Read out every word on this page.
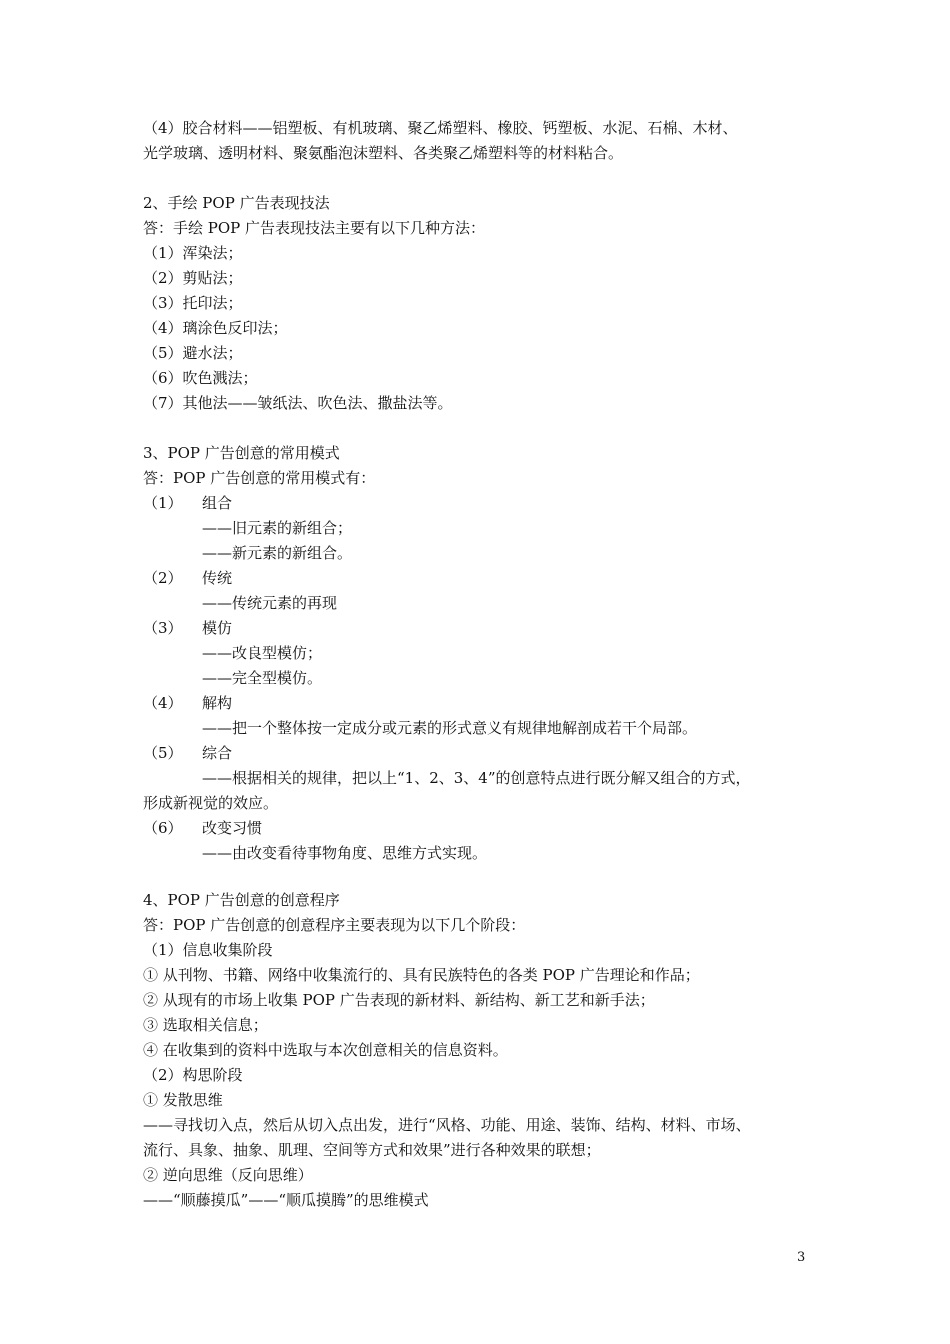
（4）胶合材料——铝塑板、有机玻璃、聚乙烯塑料、橡胶、钙塑板、水泥、石棉、木材、
光学玻璃、透明材料、聚氨酯泡沫塑料、各类聚乙烯塑料等的材料粘合。
2、手绘 POP 广告表现技法
答：手绘 POP 广告表现技法主要有以下几种方法：
（1）浑染法；
（2）剪贴法；
（3）托印法；
（4）璃涂色反印法；
（5）避水法；
（6）吹色溅法；
（7）其他法——皱纸法、吹色法、撒盐法等。
3、POP 广告创意的常用模式
答：POP 广告创意的常用模式有：
（1） 组合
——旧元素的新组合；
——新元素的新组合。
（2） 传统
——传统元素的再现
（3） 模仿
——改良型模仿；
——完全型模仿。
（4） 解构
——把一个整体按一定成分或元素的形式意义有规律地解剖成若干个局部。
（5） 综合
——根据相关的规律，把以上“1、2、3、4”的创意特点进行既分解又组合的方式，
形成新视觉的效应。
（6） 改变习惯
——由改变看待事物角度、思维方式实现。
4、POP 广告创意的创意程序
答：POP 广告创意的创意程序主要表现为以下几个阶段：
（1）信息收集阶段
① 从刊物、书籍、网络中收集流行的、具有民族特色的各类 POP 广告理论和作品；
② 从现有的市场上收集 POP 广告表现的新材料、新结构、新工艺和新手法；
③ 选取相关信息；
④ 在收集到的资料中选取与本次创意相关的信息资料。
（2）构思阶段
① 发散思维
——寻找切入点，然后从切入点出发，进行“风格、功能、用途、装饰、结构、材料、市场、
流行、具象、抽象、肌理、空间等方式和效果”进行各种效果的联想；
② 逆向思维（反向思维）
——“顺藤摸瓜”——“顺瓜摸腾”的思维模式
3
